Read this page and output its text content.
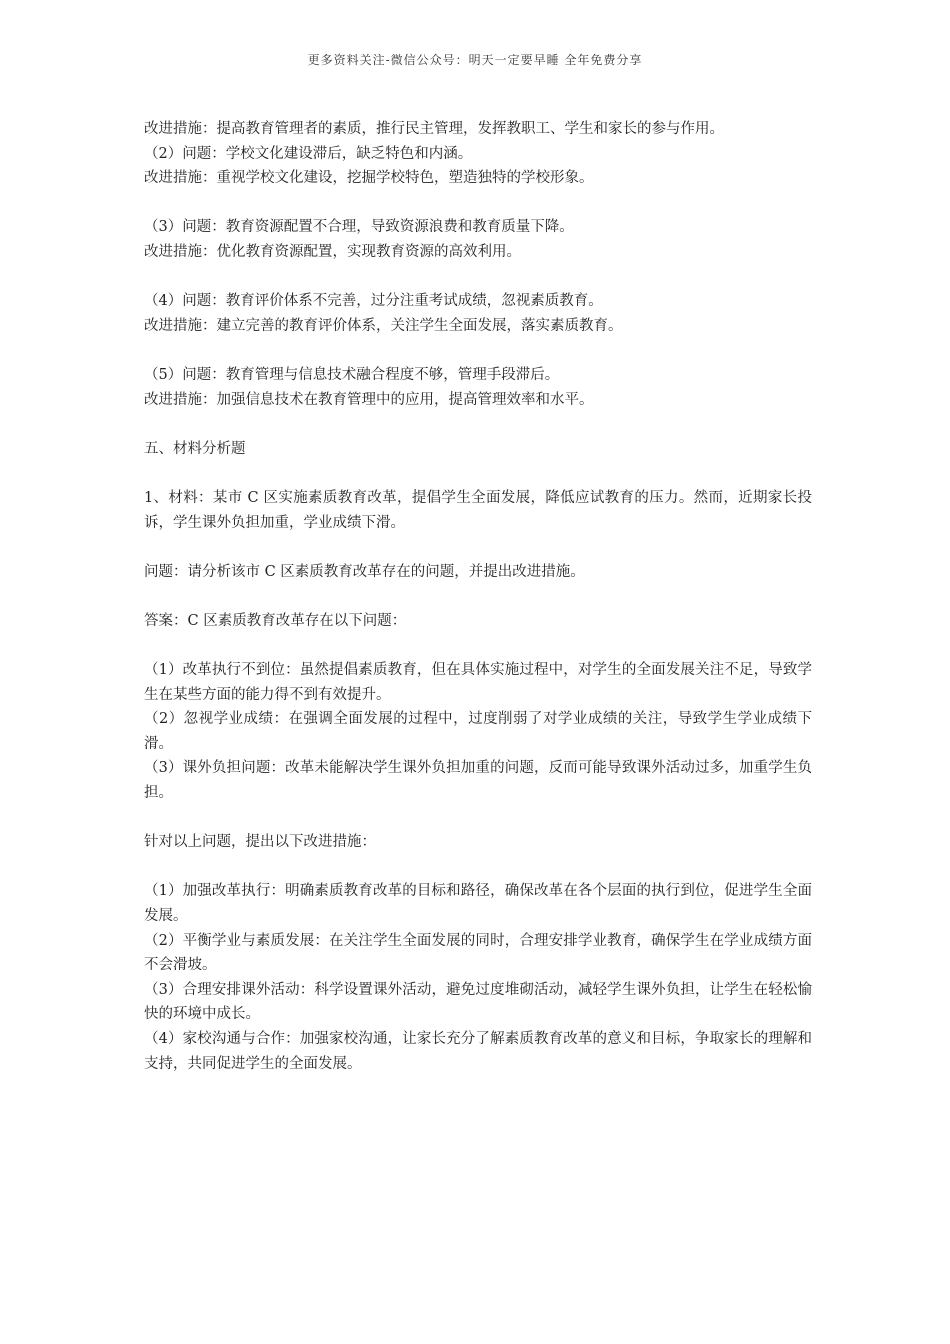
更多资料关注-微信公众号：明天一定要早睡 全年免费分享
改进措施：提高教育管理者的素质，推行民主管理，发挥教职工、学生和家长的参与作用。
（2）问题：学校文化建设滞后，缺乏特色和内涵。
改进措施：重视学校文化建设，挖掘学校特色，塑造独特的学校形象。
（3）问题：教育资源配置不合理，导致资源浪费和教育质量下降。
改进措施：优化教育资源配置，实现教育资源的高效利用。
（4）问题：教育评价体系不完善，过分注重考试成绩，忽视素质教育。
改进措施：建立完善的教育评价体系，关注学生全面发展，落实素质教育。
（5）问题：教育管理与信息技术融合程度不够，管理手段滞后。
改进措施：加强信息技术在教育管理中的应用，提高管理效率和水平。
五、材料分析题
1、材料：某市 C 区实施素质教育改革，提倡学生全面发展，降低应试教育的压力。然而，近期家长投诉，学生课外负担加重，学业成绩下滑。
问题：请分析该市 C 区素质教育改革存在的问题，并提出改进措施。
答案：C 区素质教育改革存在以下问题：
（1）改革执行不到位：虽然提倡素质教育，但在具体实施过程中，对学生的全面发展关注不足，导致学生在某些方面的能力得不到有效提升。
（2）忽视学业成绩：在强调全面发展的过程中，过度削弱了对学业成绩的关注，导致学生学业成绩下滑。
（3）课外负担问题：改革未能解决学生课外负担加重的问题，反而可能导致课外活动过多，加重学生负担。
针对以上问题，提出以下改进措施：
（1）加强改革执行：明确素质教育改革的目标和路径，确保改革在各个层面的执行到位，促进学生全面发展。
（2）平衡学业与素质发展：在关注学生全面发展的同时，合理安排学业教育，确保学生在学业成绩方面不会滑坡。
（3）合理安排课外活动：科学设置课外活动，避免过度堆砌活动，减轻学生课外负担，让学生在轻松愉快的环境中成长。
（4）家校沟通与合作：加强家校沟通，让家长充分了解素质教育改革的意义和目标，争取家长的理解和支持，共同促进学生的全面发展。
